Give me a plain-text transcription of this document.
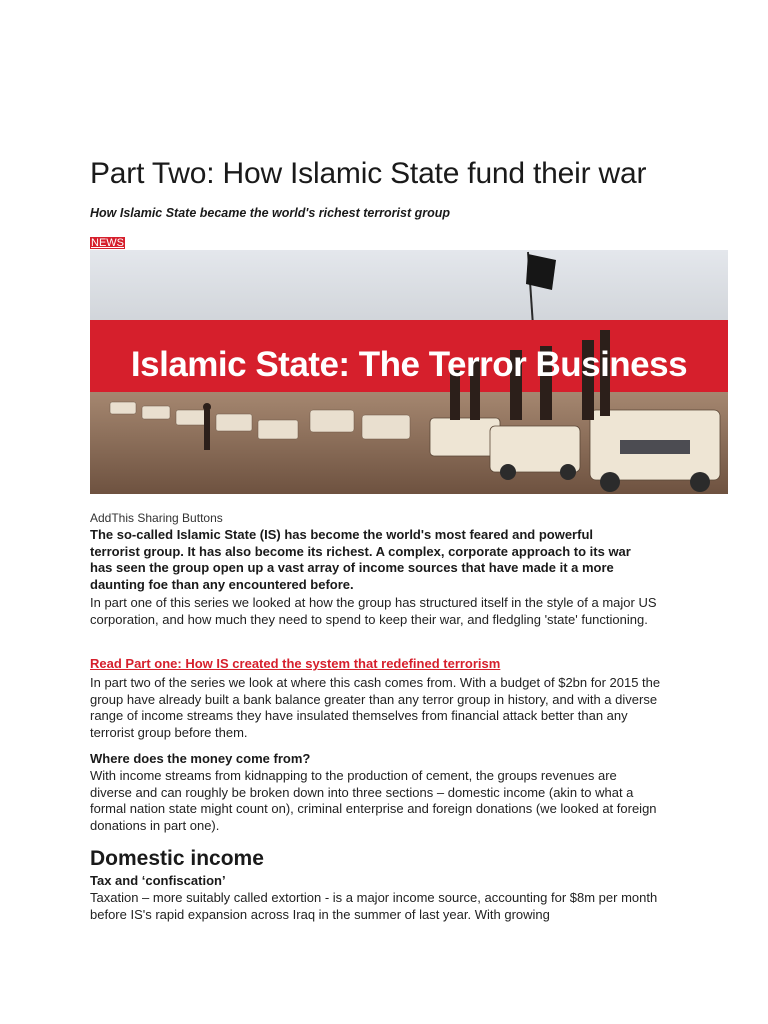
Part Two: How Islamic State fund their war
How Islamic State became the world's richest terrorist group
NEWS
Islamic State: The Terror Business
AddThis Sharing Buttons

The so-called Islamic State (IS) has become the world's most feared and powerful terrorist group. It has also become its richest. A complex, corporate approach to its war has seen the group open up a vast array of income sources that have made it a more daunting foe than any encountered before.

In part one of this series we looked at how the group has structured itself in the style of a major US corporation, and how much they need to spend to keep their war, and fledgling 'state' functioning.

Read Part one: How IS created the system that redefined terrorism

In part two of the series we look at where this cash comes from. With a budget of $2bn for 2015 the group have already built a bank balance greater than any terror group in history, and with a diverse range of income streams they have insulated themselves from financial attack better than any terrorist group before them.

Where does the money come from?

With income streams from kidnapping to the production of cement, the groups revenues are diverse and can roughly be broken down into three sections – domestic income (akin to what a formal nation state might count on), criminal enterprise and foreign donations (we looked at foreign donations in part one).

Domestic income
Tax and ‘confiscation’

Taxation – more suitably called extortion - is a major income source, accounting for $8m per month before IS's rapid expansion across Iraq in the summer of last year. With growing
